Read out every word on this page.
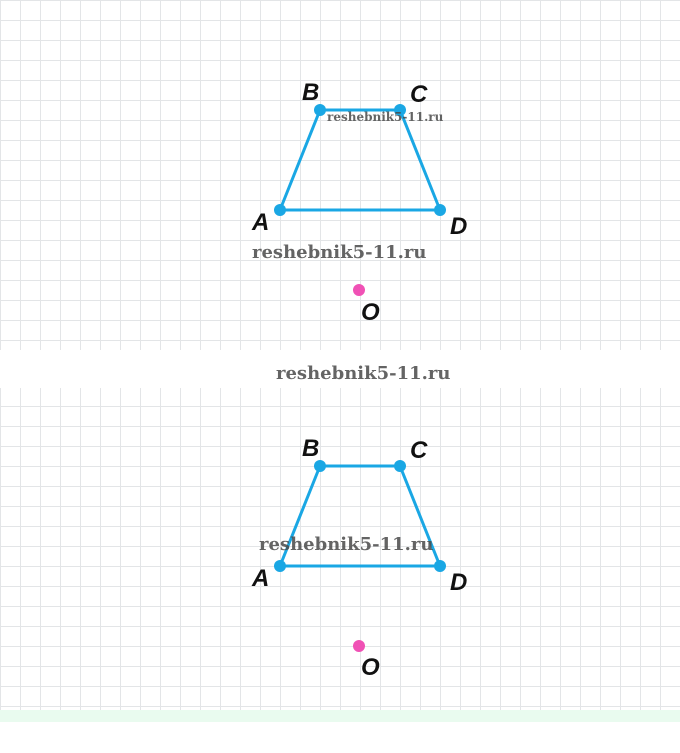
A
B	C
D
O
reshebnik5-11.ru
reshebnik5-11.ru
reshebnik5-11.ru
A
B	C
D
O
reshebnik5-11.ru
